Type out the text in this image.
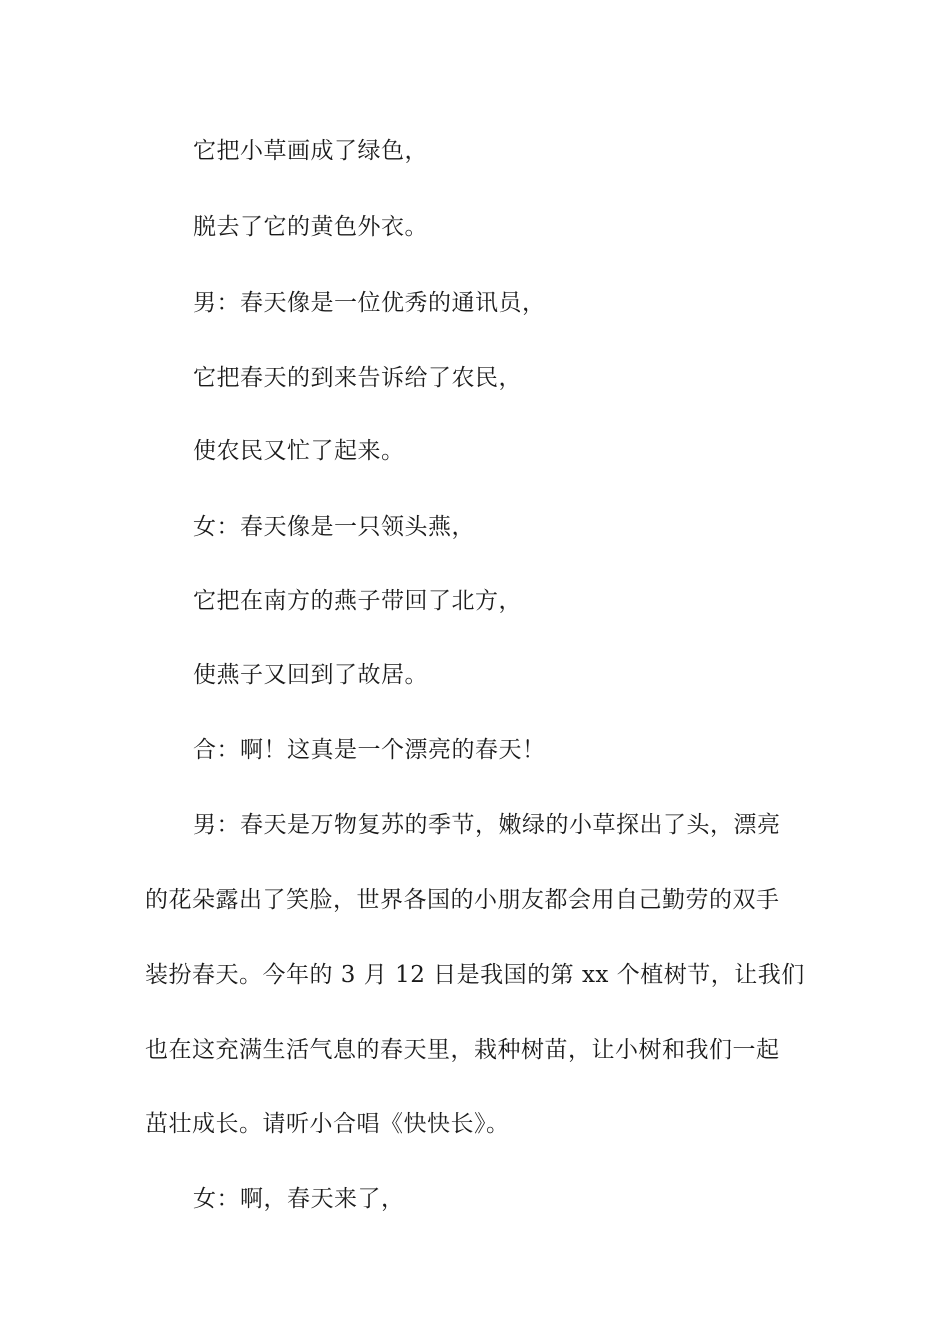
它把小草画成了绿色，
脱去了它的黄色外衣。
男：春天像是一位优秀的通讯员，
它把春天的到来告诉给了农民，
使农民又忙了起来。
女：春天像是一只领头燕，
它把在南方的燕子带回了北方，
使燕子又回到了故居。
合：啊！这真是一个漂亮的春天！
男：春天是万物复苏的季节，嫩绿的小草探出了头，漂亮
的花朵露出了笑脸，世界各国的小朋友都会用自己勤劳的双手
装扮春天。今年的 3 月 12 日是我国的第 xx 个植树节，让我们
也在这充满生活气息的春天里，栽种树苗，让小树和我们一起
茁壮成长。请听小合唱《快快长》。
女：啊，春天来了，
